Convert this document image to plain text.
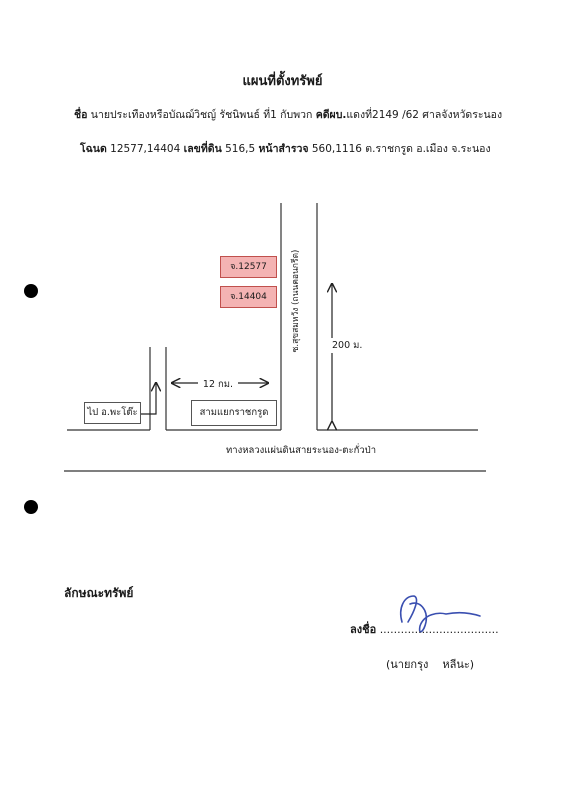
แผนที่ตั้งทรัพย์
ชื่อ นายประเทืองหรือบัณฌ์วิชญ์ รัชนิพนธ์ ที่1 กับพวก คดีผบ.แดงที่2149 /62 ศาลจังหวัดระนอง
โฉนด 12577,14404 เลขที่ดิน 516,5 หน้าสำรวจ 560,1116 ต.ราชกรูด อ.เมือง จ.ระนอง
จ.12577
จ.14404	ซ.สุขสมหวัง (ถนนคอนกรีต)	200 ม.
12 กม.
ไป อ.พะโต๊ะ	สามแยกราชกรูด
ทางหลวงแผ่นดินสายระนอง-ตะกั่วป่า
ลักษณะทรัพย์
ลงชื่อ ..................................
(นายกรุง    หลีนะ)
